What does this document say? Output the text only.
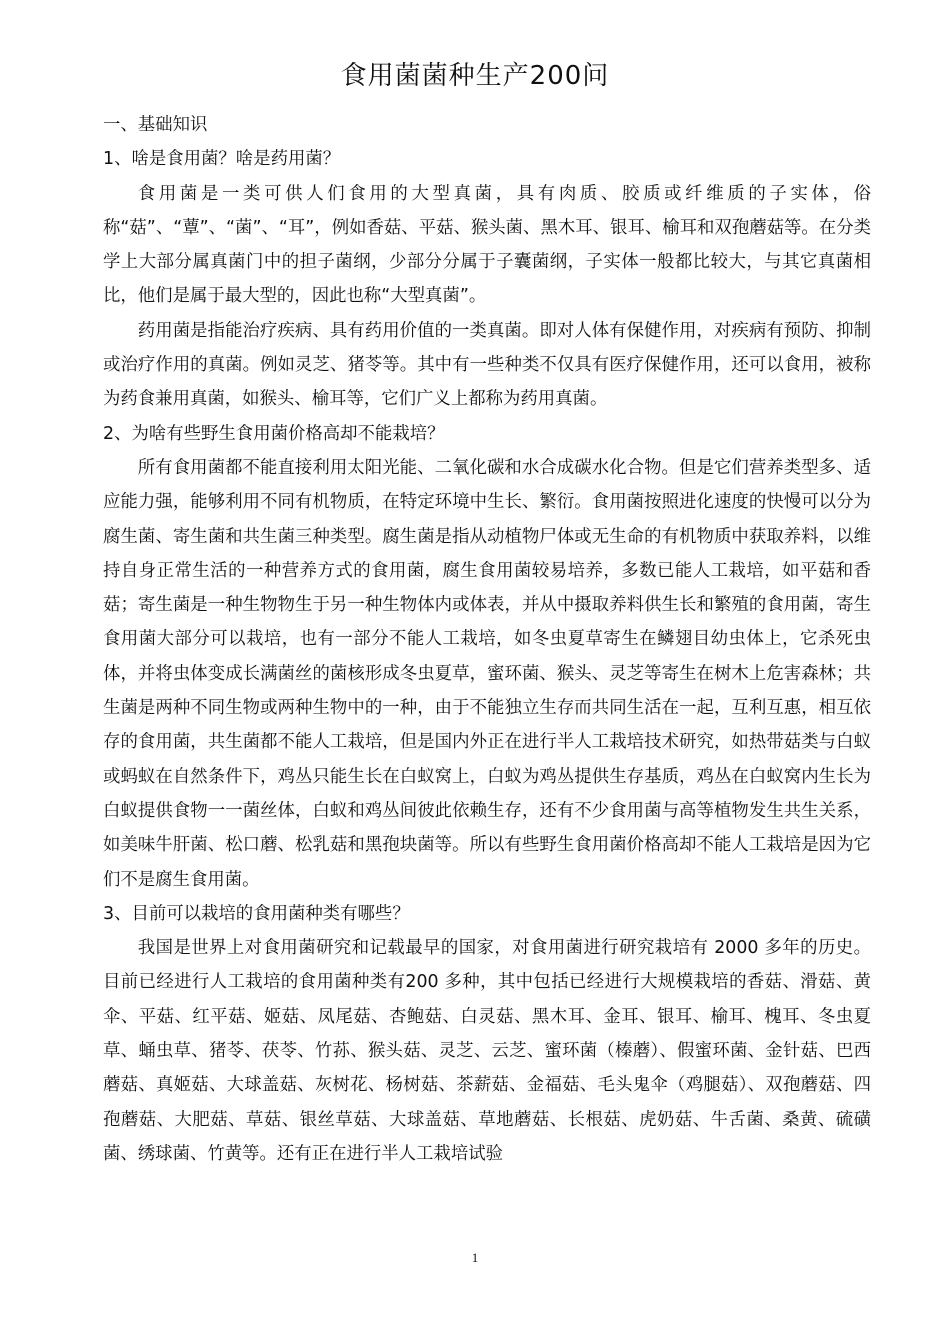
食用菌菌种生产200问

一、基础知识

1、啥是食用菌？啥是药用菌？

食用菌是一类可供人们食用的大型真菌，具有肉质、胶质或纤维质的子实体，俗称“菇”、“蕈”、“菌”、“耳”，例如香菇、平菇、猴头菌、黑木耳、银耳、榆耳和双孢蘑菇等。在分类学上大部分属真菌门中的担子菌纲，少部分分属于子囊菌纲，子实体一般都比较大，与其它真菌相比，他们是属于最大型的，因此也称“大型真菌”。

药用菌是指能治疗疾病、具有药用价值的一类真菌。即对人体有保健作用，对疾病有预防、抑制或治疗作用的真菌。例如灵芝、猪苓等。其中有一些种类不仅具有医疗保健作用，还可以食用，被称为药食兼用真菌，如猴头、榆耳等，它们广义上都称为药用真菌。

2、为啥有些野生食用菌价格高却不能栽培？

所有食用菌都不能直接利用太阳光能、二氧化碳和水合成碳水化合物。但是它们营养类型多、适应能力强，能够利用不同有机物质，在特定环境中生长、繁衍。食用菌按照进化速度的快慢可以分为腐生菌、寄生菌和共生菌三种类型。腐生菌是指从动植物尸体或无生命的有机物质中获取养料，以维持自身正常生活的一种营养方式的食用菌，腐生食用菌较易培养，多数已能人工栽培，如平菇和香菇；寄生菌是一种生物物生于另一种生物体内或体表，并从中摄取养料供生长和繁殖的食用菌，寄生食用菌大部分可以栽培，也有一部分不能人工栽培，如冬虫夏草寄生在鳞翅目幼虫体上，它杀死虫体，并将虫体变成长满菌丝的菌核形成冬虫夏草，蜜环菌、猴头、灵芝等寄生在树木上危害森林；共生菌是两种不同生物或两种生物中的一种，由于不能独立生存而共同生活在一起，互利互惠，相互依存的食用菌，共生菌都不能人工栽培，但是国内外正在进行半人工栽培技术研究，如热带菇类与白蚁或蚂蚁在自然条件下，鸡丛只能生长在白蚁窝上，白蚁为鸡丛提供生存基质，鸡丛在白蚁窝内生长为白蚁提供食物一一菌丝体，白蚁和鸡丛间彼此依赖生存，还有不少食用菌与高等植物发生共生关系，如美味牛肝菌、松口蘑、松乳菇和黑孢块菌等。所以有些野生食用菌价格高却不能人工栽培是因为它们不是腐生食用菌。

3、目前可以栽培的食用菌种类有哪些？

我国是世界上对食用菌研究和记载最早的国家，对食用菌进行研究栽培有 2000 多年的历史。目前已经进行人工栽培的食用菌种类有200 多种，其中包括已经进行大规模栽培的香菇、滑菇、黄伞、平菇、红平菇、姬菇、凤尾菇、杏鲍菇、白灵菇、黑木耳、金耳、银耳、榆耳、槐耳、冬虫夏草、蛹虫草、猪苓、茯苓、竹荪、猴头菇、灵芝、云芝、蜜环菌（榛蘑）、假蜜环菌、金针菇、巴西蘑菇、真姬菇、大球盖菇、灰树花、杨树菇、茶薪菇、金福菇、毛头鬼伞（鸡腿菇）、双孢蘑菇、四孢蘑菇、大肥菇、草菇、银丝草菇、大球盖菇、草地蘑菇、长根菇、虎奶菇、牛舌菌、桑黄、硫磺菌、绣球菌、竹黄等。还有正在进行半人工栽培试验

1
